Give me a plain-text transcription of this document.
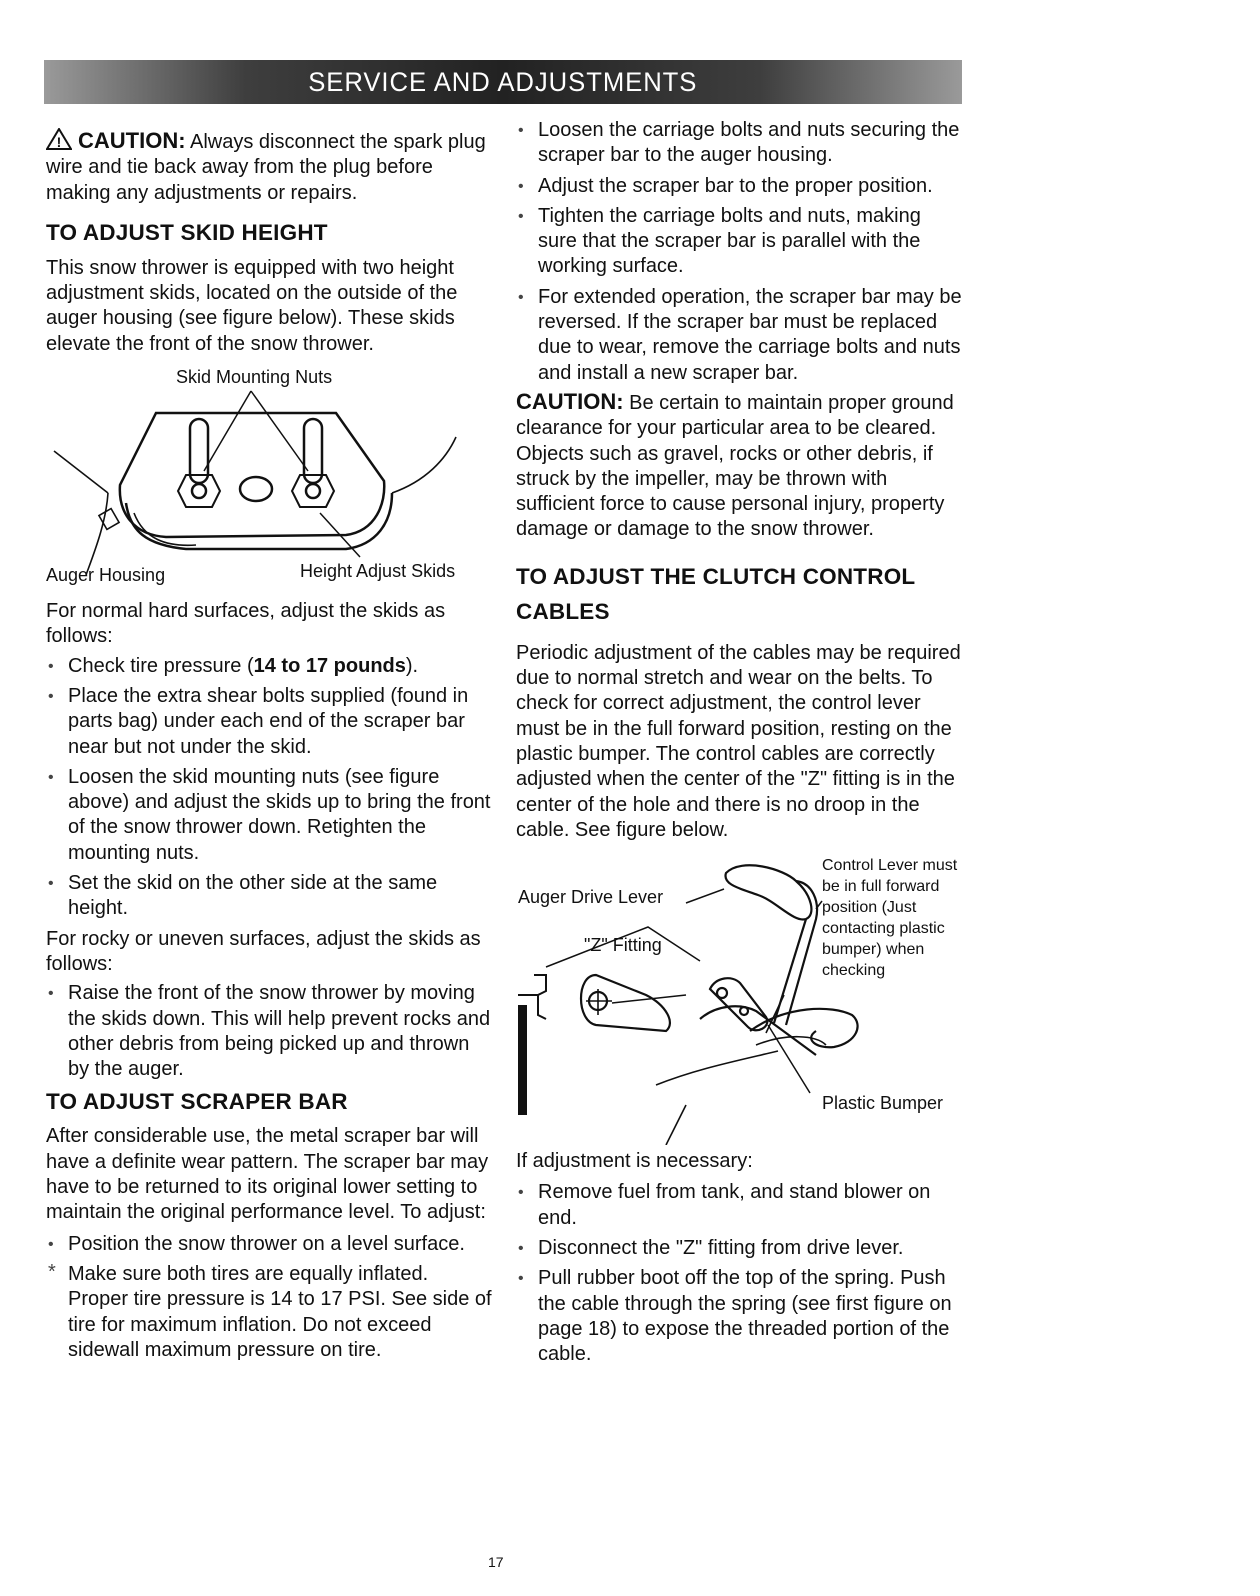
SERVICE AND ADJUSTMENTS

! CAUTION: Always disconnect the spark plug wire and tie back away from the plug before making any adjustments or repairs.

TO ADJUST SKID HEIGHT

This snow thrower is equipped with two height adjustment skids, located on the outside of the auger housing (see figure below). These skids elevate the front of the snow thrower.

Skid Mounting Nuts
Auger Housing	Height Adjust Skids

For normal hard surfaces, adjust the skids as follows:

• Check tire pressure (14 to 17 pounds).
• Place the extra shear bolts supplied (found in parts bag) under each end of the scraper bar near but not under the skid.
• Loosen the skid mounting nuts (see figure above) and adjust the skids up to bring the front of the snow thrower down. Retighten the mounting nuts.
• Set the skid on the other side at the same height.

For rocky or uneven surfaces, adjust the skids as follows:

• Raise the front of the snow thrower by moving the skids down. This will help prevent rocks and other debris from being picked up and thrown by the auger.
TO ADJUST SCRAPER BAR

After considerable use, the metal scraper bar will have a definite wear pattern. The scraper bar may have to be returned to its original lower setting to maintain the original performance level. To adjust:

• Position the snow thrower on a level surface.
* Make sure both tires are equally inflated. Proper tire pressure is 14 to 17 PSI. See side of tire for maximum inflation. Do not exceed sidewall maximum pressure on tire.
• Loosen the carriage bolts and nuts securing the scraper bar to the auger housing.
• Adjust the scraper bar to the proper position.
• Tighten the carriage bolts and nuts, making sure that the scraper bar is parallel with the working surface.
• For extended operation, the scraper bar may be reversed. If the scraper bar must be replaced due to wear, remove the carriage bolts and nuts and install a new scraper bar.

CAUTION: Be certain to maintain proper ground clearance for your particular area to be cleared. Objects such as gravel, rocks or other debris, if struck by the impeller, may be thrown with sufficient force to cause personal injury, property damage or damage to the snow thrower.

TO ADJUST THE CLUTCH CONTROL CABLES

Periodic adjustment of the cables may be required due to normal stretch and wear on the belts. To check for correct adjustment, the control lever must be in the full forward position, resting on the plastic bumper. The control cables are correctly adjusted when the center of the "Z" fitting is in the center of the hole and there is no droop in the cable. See figure below.

Auger Drive Lever
"Z" Fitting
Control Lever must be in full forward position (Just contacting plastic bumper) when checking
Plastic Bumper

If adjustment is necessary:

• Remove fuel from tank, and stand blower on end.
• Disconnect the "Z" fitting from drive lever.
• Pull rubber boot off the top of the spring. Push the cable through the spring (see first figure on page 18) to expose the threaded portion of the cable.
17
